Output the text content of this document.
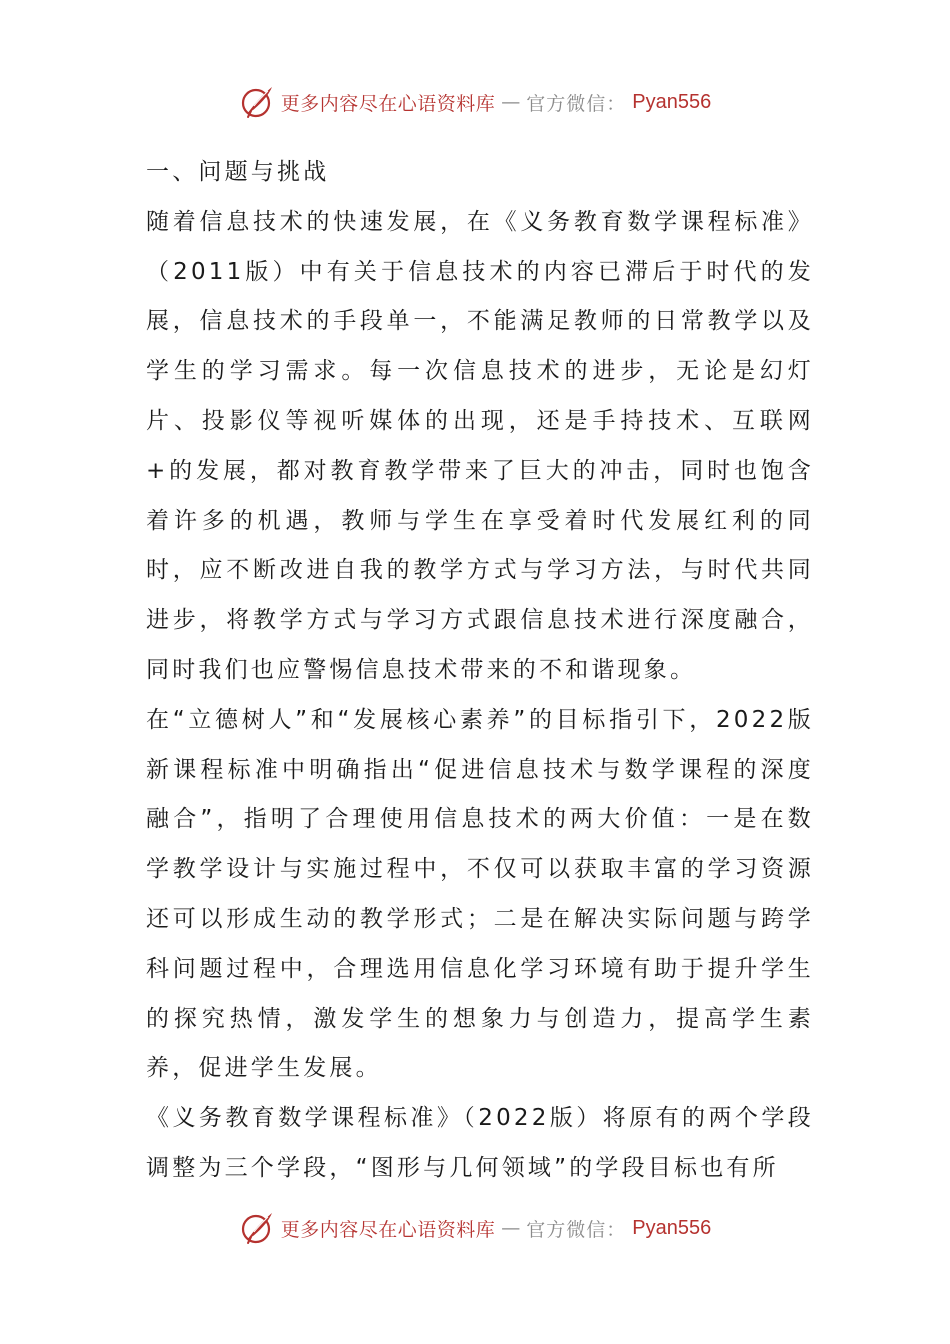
更多内容尽在心语资料库 — 官方微信： Pyan556

一、问题与挑战

随着信息技术的快速发展，在《义务教育数学课程标准》（2011版）中有关于信息技术的内容已滞后于时代的发展，信息技术的手段单一，不能满足教师的日常教学以及学生的学习需求。每一次信息技术的进步，无论是幻灯片、投影仪等视听媒体的出现，还是手持技术、互联网+的发展，都对教育教学带来了巨大的冲击，同时也饱含着许多的机遇，教师与学生在享受着时代发展红利的同时，应不断改进自我的教学方式与学习方法，与时代共同进步，将教学方式与学习方式跟信息技术进行深度融合，同时我们也应警惕信息技术带来的不和谐现象。

在“立德树人”和“发展核心素养”的目标指引下，2022版新课程标准中明确指出“促进信息技术与数学课程的深度融合”，指明了合理使用信息技术的两大价值：一是在数学教学设计与实施过程中，不仅可以获取丰富的学习资源还可以形成生动的教学形式；二是在解决实际问题与跨学科问题过程中，合理选用信息化学习环境有助于提升学生的探究热情，激发学生的想象力与创造力，提高学生素养，促进学生发展。

《义务教育数学课程标准》（2022版）将原有的两个学段调整为三个学段，“图形与几何领域”的学段目标也有所

更多内容尽在心语资料库 — 官方微信： Pyan556
